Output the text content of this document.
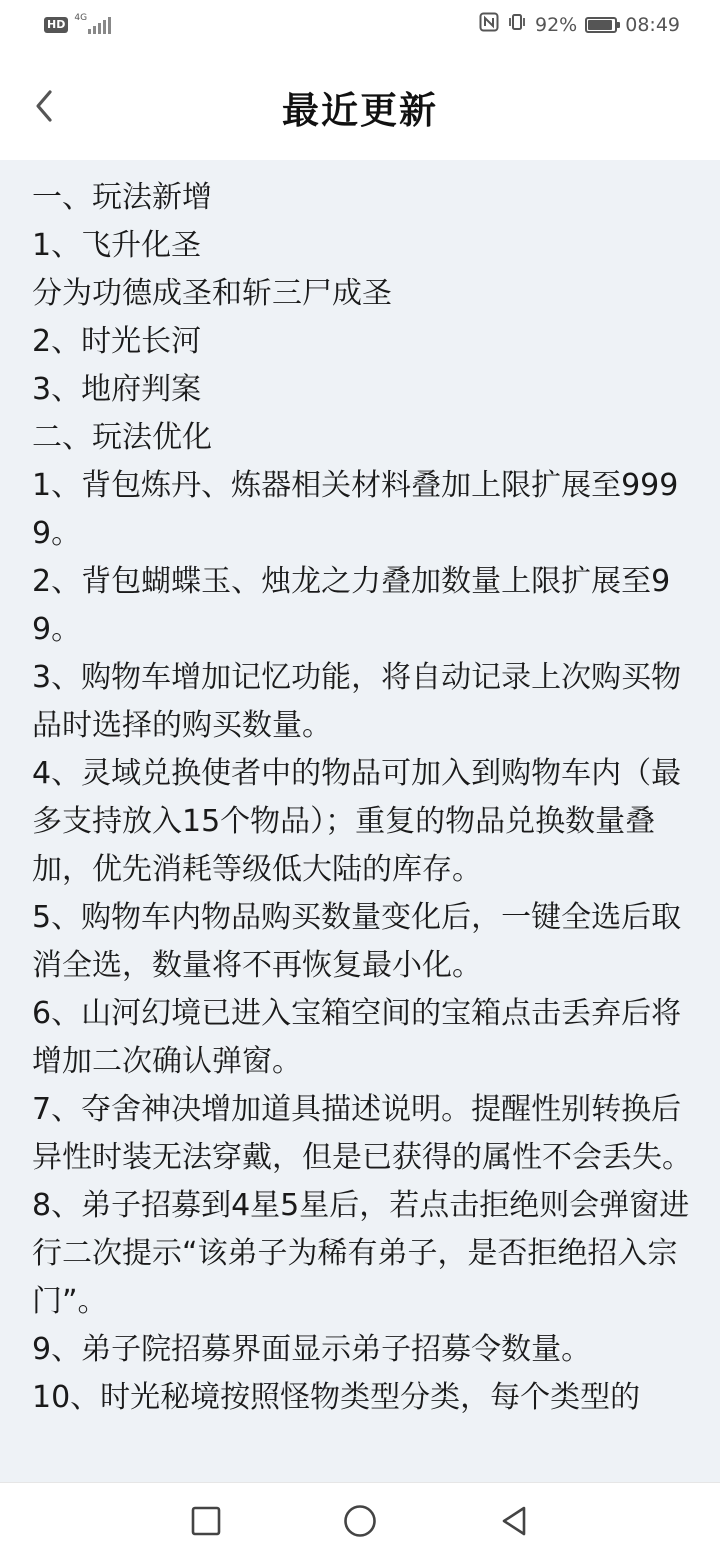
HD	4G	92%	08:49
最近更新

一、玩法新增

1、飞升化圣

分为功德成圣和斩三尸成圣

2、时光长河

3、地府判案

二、玩法优化

1、背包炼丹、炼器相关材料叠加上限扩展至9999。

2、背包蝴蝶玉、烛龙之力叠加数量上限扩展至99。

3、购物车增加记忆功能，将自动记录上次购买物品时选择的购买数量。

4、灵域兑换使者中的物品可加入到购物车内（最多支持放入15个物品）；重复的物品兑换数量叠加，优先消耗等级低大陆的库存。

5、购物车内物品购买数量变化后，一键全选后取消全选，数量将不再恢复最小化。

6、山河幻境已进入宝箱空间的宝箱点击丢弃后将增加二次确认弹窗。

7、夺舍神决增加道具描述说明。提醒性别转换后异性时装无法穿戴，但是已获得的属性不会丢失。

8、弟子招募到4星5星后，若点击拒绝则会弹窗进行二次提示“该弟子为稀有弟子，是否拒绝招入宗门”。

9、弟子院招募界面显示弟子招募令数量。

10、时光秘境按照怪物类型分类，每个类型的
